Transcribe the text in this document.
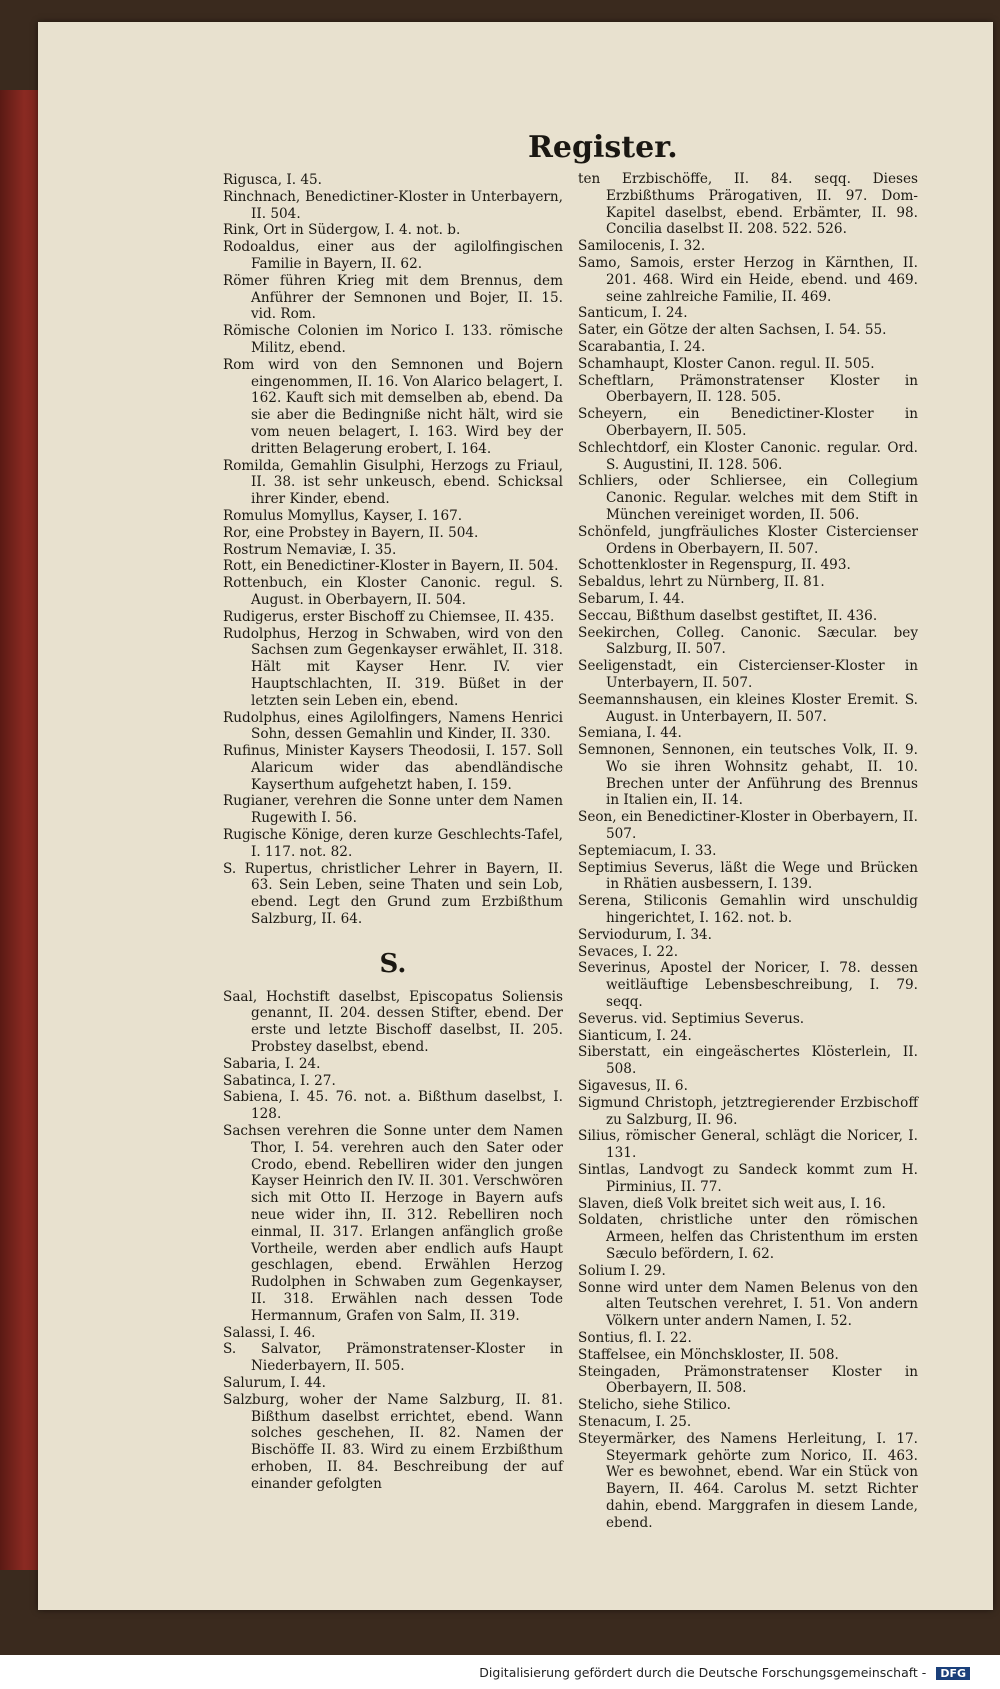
Register.

Rigusca, I. 45.

Rinchnach, Benedictiner-Kloster in Unterbayern, II. 504.

Rink, Ort in Südergow, I. 4. not. b.

Rodoaldus, einer aus der agilolfingischen Familie in Bayern, II. 62.

Römer führen Krieg mit dem Brennus, dem Anführer der Semnonen und Bojer, II. 15. vid. Rom.

Römische Colonien im Norico I. 133. römische Militz, ebend.

Rom wird von den Semnonen und Bojern eingenommen, II. 16. Von Alarico belagert, I. 162. Kauft sich mit demselben ab, ebend. Da sie aber die Bedingniße nicht hält, wird sie vom neuen belagert, I. 163. Wird bey der dritten Belagerung erobert, I. 164.

Romilda, Gemahlin Gisulphi, Herzogs zu Friaul, II. 38. ist sehr unkeusch, ebend. Schicksal ihrer Kinder, ebend.

Romulus Momyllus, Kayser, I. 167.

Ror, eine Probstey in Bayern, II. 504.

Rostrum Nemaviæ, I. 35.

Rott, ein Benedictiner-Kloster in Bayern, II. 504.

Rottenbuch, ein Kloster Canonic. regul. S. August. in Oberbayern, II. 504.

Rudigerus, erster Bischoff zu Chiemsee, II. 435.

Rudolphus, Herzog in Schwaben, wird von den Sachsen zum Gegenkayser erwählet, II. 318. Hält mit Kayser Henr. IV. vier Hauptschlachten, II. 319. Büßet in der letzten sein Leben ein, ebend.

Rudolphus, eines Agilolfingers, Namens Henrici Sohn, dessen Gemahlin und Kinder, II. 330.

Rufinus, Minister Kaysers Theodosii, I. 157. Soll Alaricum wider das abendländische Kayserthum aufgehetzt haben, I. 159.

Rugianer, verehren die Sonne unter dem Namen Rugewith I. 56.

Rugische Könige, deren kurze Geschlechts-Tafel, I. 117. not. 82.

S. Rupertus, christlicher Lehrer in Bayern, II. 63. Sein Leben, seine Thaten und sein Lob, ebend. Legt den Grund zum Erzbißthum Salzburg, II. 64.

S.

Saal, Hochstift daselbst, Episcopatus Soliensis genannt, II. 204. dessen Stifter, ebend. Der erste und letzte Bischoff daselbst, II. 205. Probstey daselbst, ebend.

Sabaria, I. 24.

Sabatinca, I. 27.

Sabiena, I. 45. 76. not. a. Bißthum daselbst, I. 128.

Sachsen verehren die Sonne unter dem Namen Thor, I. 54. verehren auch den Sater oder Crodo, ebend. Rebelliren wider den jungen Kayser Heinrich den IV. II. 301. Verschwören sich mit Otto II. Herzoge in Bayern aufs neue wider ihn, II. 312. Rebelliren noch einmal, II. 317. Erlangen anfänglich große Vortheile, werden aber endlich aufs Haupt geschlagen, ebend. Erwählen Herzog Rudolphen in Schwaben zum Gegenkayser, II. 318. Erwählen nach dessen Tode Hermannum, Grafen von Salm, II. 319.

Salassi, I. 46.

S. Salvator, Prämonstratenser-Kloster in Niederbayern, II. 505.

Salurum, I. 44.

Salzburg, woher der Name Salzburg, II. 81. Bißthum daselbst errichtet, ebend. Wann solches geschehen, II. 82. Namen der Bischöffe II. 83. Wird zu einem Erzbißthum erhoben, II. 84. Beschreibung der auf einander gefolgten

ten Erzbischöffe, II. 84. seqq. Dieses Erzbißthums Prärogativen, II. 97. Dom-Kapitel daselbst, ebend. Erbämter, II. 98. Concilia daselbst II. 208. 522. 526.

Samilocenis, I. 32.

Samo, Samois, erster Herzog in Kärnthen, II. 201. 468. Wird ein Heide, ebend. und 469. seine zahlreiche Familie, II. 469.

Santicum, I. 24.

Sater, ein Götze der alten Sachsen, I. 54. 55.

Scarabantia, I. 24.

Schamhaupt, Kloster Canon. regul. II. 505.

Scheftlarn, Prämonstratenser Kloster in Oberbayern, II. 128. 505.

Scheyern, ein Benedictiner-Kloster in Oberbayern, II. 505.

Schlechtdorf, ein Kloster Canonic. regular. Ord. S. Augustini, II. 128. 506.

Schliers, oder Schliersee, ein Collegium Canonic. Regular. welches mit dem Stift in München vereiniget worden, II. 506.

Schönfeld, jungfräuliches Kloster Cistercienser Ordens in Oberbayern, II. 507.

Schottenkloster in Regenspurg, II. 493.

Sebaldus, lehrt zu Nürnberg, II. 81.

Sebarum, I. 44.

Seccau, Bißthum daselbst gestiftet, II. 436.

Seekirchen, Colleg. Canonic. Sæcular. bey Salzburg, II. 507.

Seeligenstadt, ein Cistercienser-Kloster in Unterbayern, II. 507.

Seemannshausen, ein kleines Kloster Eremit. S. August. in Unterbayern, II. 507.

Semiana, I. 44.

Semnonen, Sennonen, ein teutsches Volk, II. 9. Wo sie ihren Wohnsitz gehabt, II. 10. Brechen unter der Anführung des Brennus in Italien ein, II. 14.

Seon, ein Benedictiner-Kloster in Oberbayern, II. 507.

Septemiacum, I. 33.

Septimius Severus, läßt die Wege und Brücken in Rhätien ausbessern, I. 139.

Serena, Stiliconis Gemahlin wird unschuldig hingerichtet, I. 162. not. b.

Serviodurum, I. 34.

Sevaces, I. 22.

Severinus, Apostel der Noricer, I. 78. dessen weitläuftige Lebensbeschreibung, I. 79. seqq.

Severus. vid. Septimius Severus.

Sianticum, I. 24.

Siberstatt, ein eingeäschertes Klösterlein, II. 508.

Sigavesus, II. 6.

Sigmund Christoph, jetztregierender Erzbischoff zu Salzburg, II. 96.

Silius, römischer General, schlägt die Noricer, I. 131.

Sintlas, Landvogt zu Sandeck kommt zum H. Pirminius, II. 77.

Slaven, dieß Volk breitet sich weit aus, I. 16.

Soldaten, christliche unter den römischen Armeen, helfen das Christenthum im ersten Sæculo befördern, I. 62.

Solium I. 29.

Sonne wird unter dem Namen Belenus von den alten Teutschen verehret, I. 51. Von andern Völkern unter andern Namen, I. 52.

Sontius, fl. I. 22.

Staffelsee, ein Mönchskloster, II. 508.

Steingaden, Prämonstratenser Kloster in Oberbayern, II. 508.

Stelicho, siehe Stilico.

Stenacum, I. 25.

Steyermärker, des Namens Herleitung, I. 17. Steyermark gehörte zum Norico, II. 463. Wer es bewohnet, ebend. War ein Stück von Bayern, II. 464. Carolus M. setzt Richter dahin, ebend. Marggrafen in diesem Lande, ebend.

Digitalisierung gefördert durch die Deutsche Forschungsgemeinschaft - DFG
